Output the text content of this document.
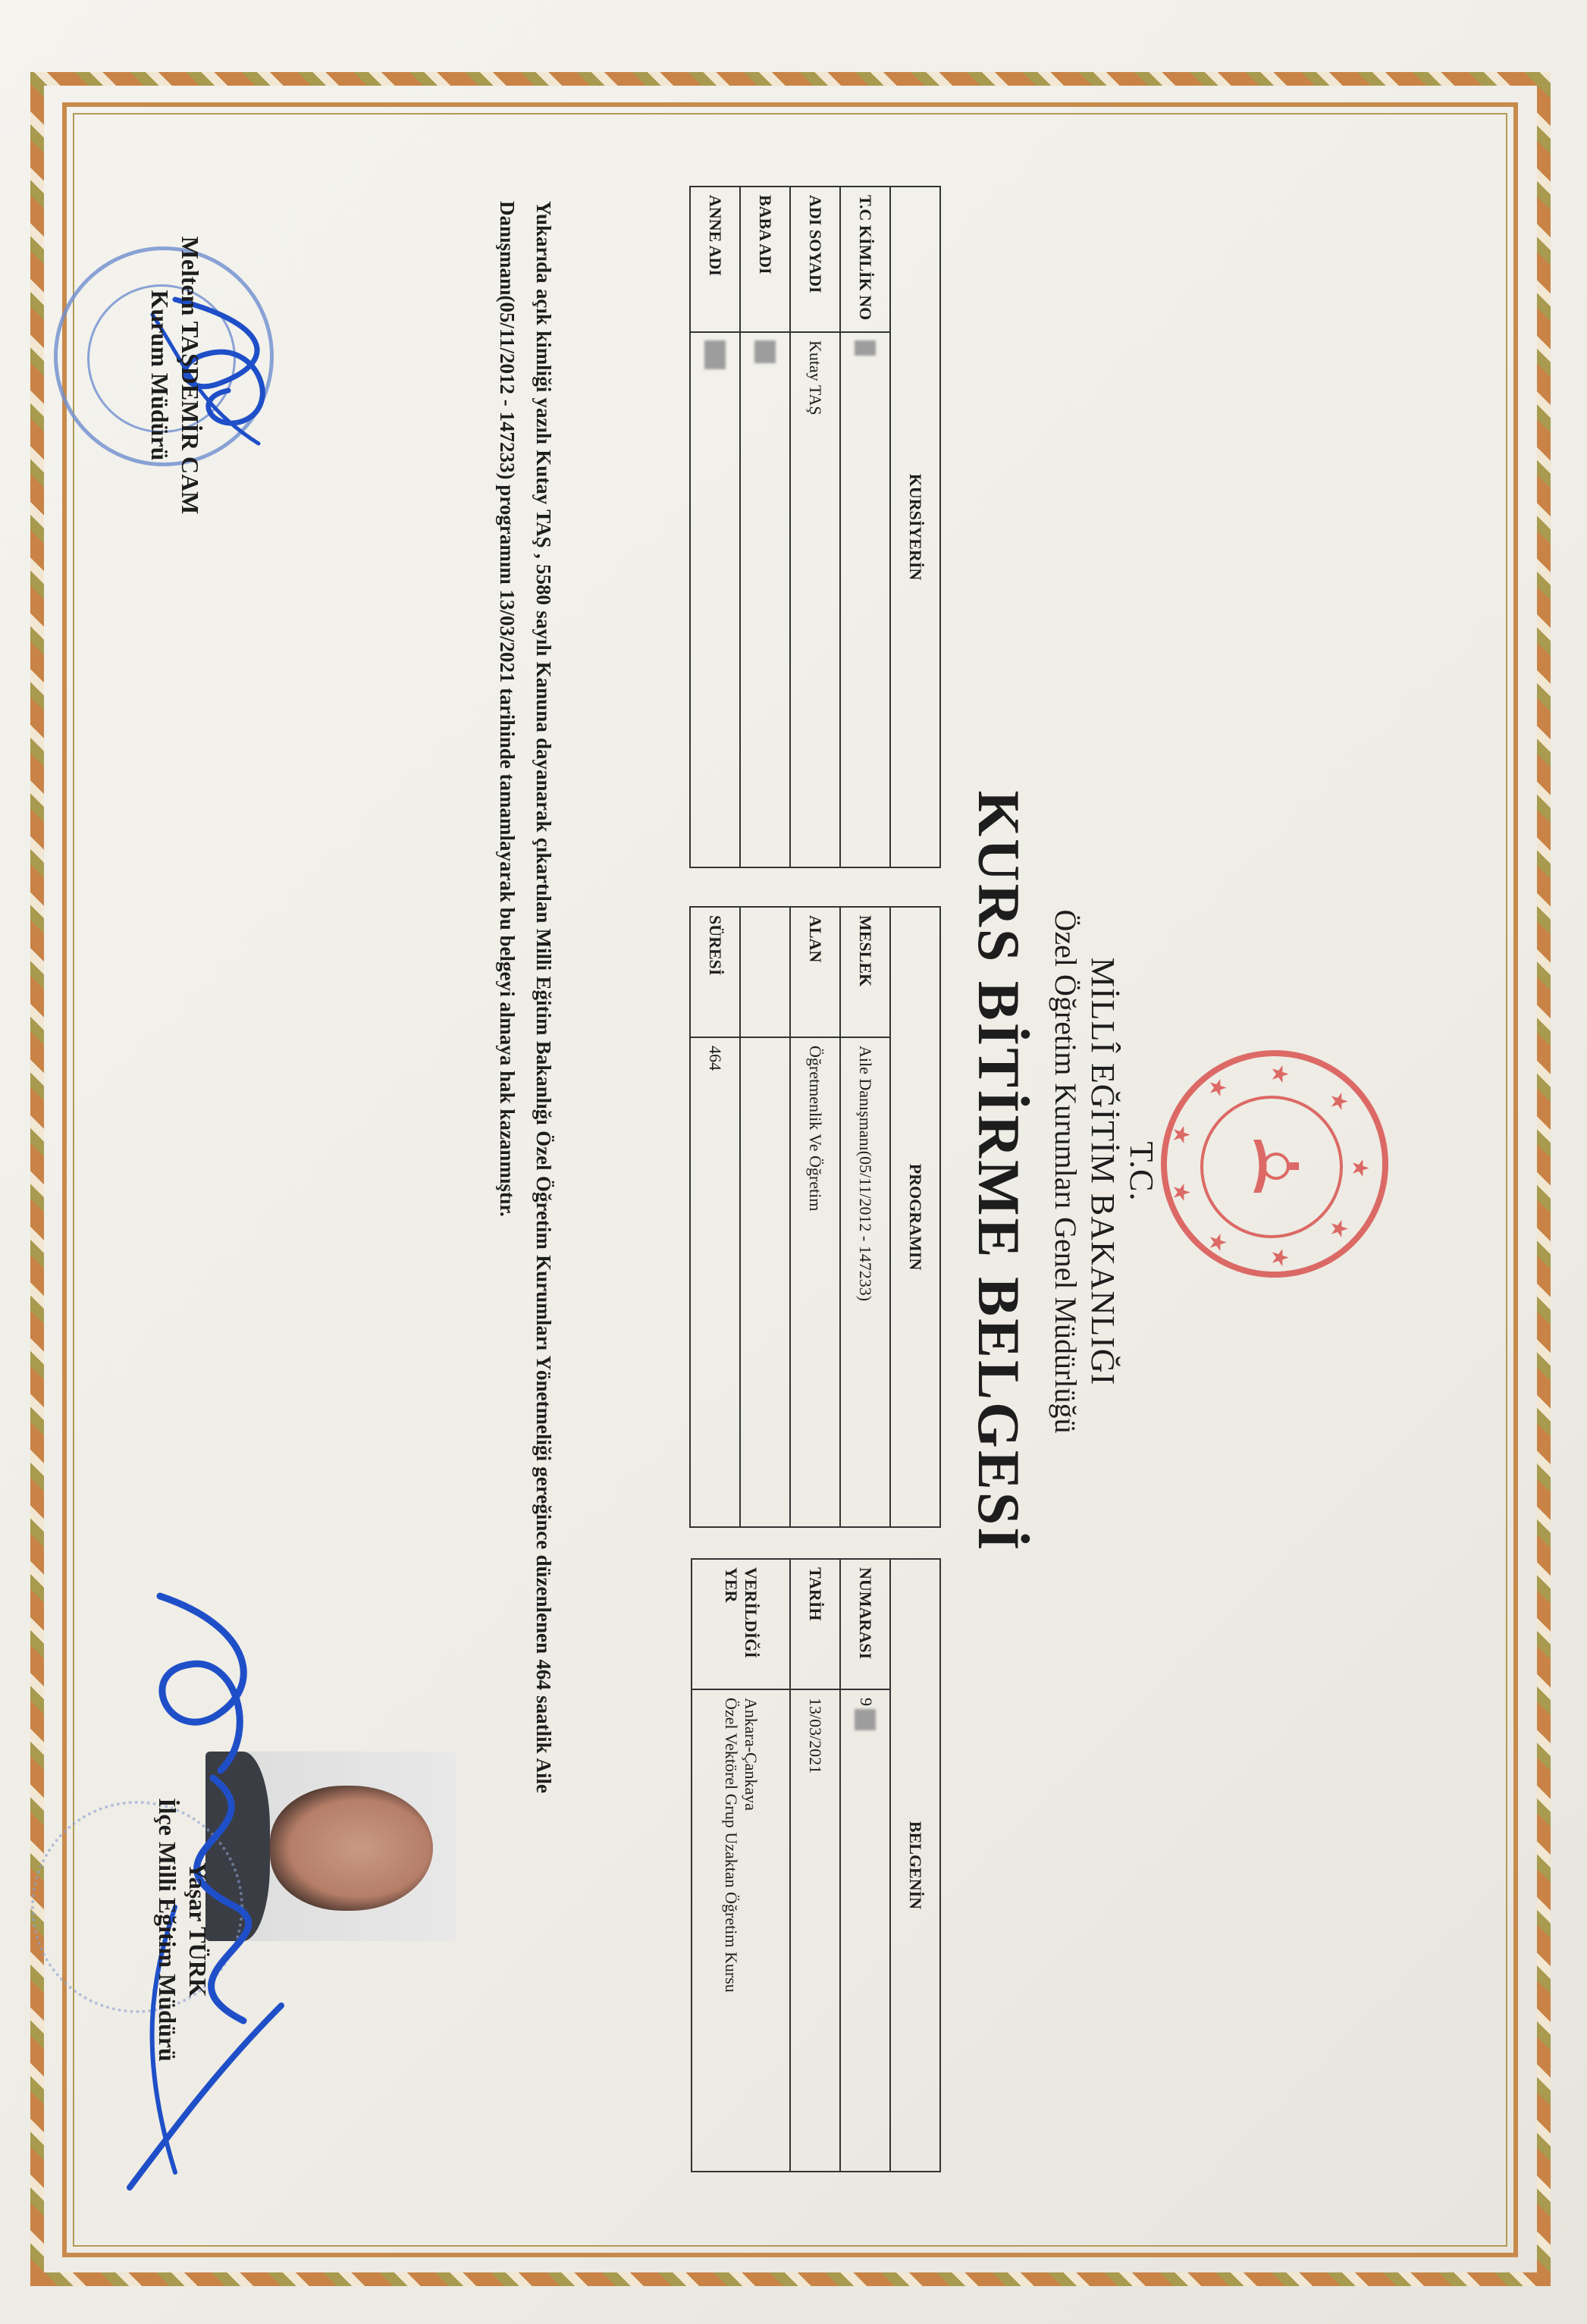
★
★
★
★
★
★
★
★
★
T.C.
MİLLÎ EĞİTİM BAKANLIĞI
Özel Öğretim Kurumları Genel Müdürlüğü
KURS BİTİRME BELGESİ
KURSİYERİN	
T.C KİMLİK NO	
ADI SOYADI	Kutay TAŞ
BABA ADI	
ANNE ADI	
PROGRAMIN	
MESLEK	Aile Danışmanı(05/11/2012 - 147233)
ALAN	Öğretmenlik Ve Öğretim

SÜRESİ	464
BELGENİN	
NUMARASI	9
TARİH	13/03/2021
VERİLDİĞİ YER	Ankara-Çankaya
Özel Vektörel Grup Uzaktan Öğretim Kursu
Yukarıda açık kimliği yazılı Kutay TAŞ , 5580 sayılı Kanuna dayanarak çıkartılan Milli Eğitim Bakanlığı Özel Öğretim Kurumları Yönetmeliği gereğince düzenlenen 464 saatlik Aile Danışmanı(05/11/2012 - 147233) programını 13/03/2021 tarihinde tamamlayarak bu belgeyi almaya hak kazanmıştır.
Meltem TAŞDEMİR CAM
Kurum Müdürü
Yaşar TÜRK
İlçe Milli Eğitim Müdürü
